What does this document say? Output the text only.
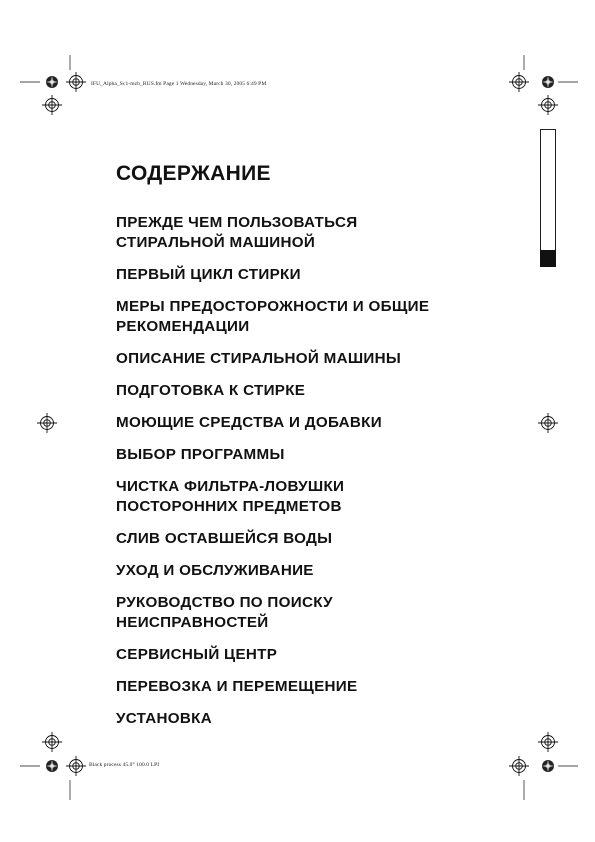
IFU_Alpha_Sc1-mzb_RUS.fm Page 1 Wednesday, March 30, 2005 6:49 PM
Black process 45.0° 100.0 LPI
СОДЕРЖАНИЕ
ПРЕЖДЕ ЧЕМ ПОЛЬЗОВАТЬСЯ
СТИРАЛЬНОЙ МАШИНОЙ
ПЕРВЫЙ ЦИКЛ СТИРКИ
МЕРЫ ПРЕДОСТОРОЖНОСТИ И ОБЩИЕ
РЕКОМЕНДАЦИИ
ОПИСАНИЕ СТИРАЛЬНОЙ МАШИНЫ
ПОДГОТОВКА К СТИРКЕ
МОЮЩИЕ СРЕДСТВА И ДОБАВКИ
ВЫБОР ПРОГРАММЫ
ЧИСТКА ФИЛЬТРА-ЛОВУШКИ
ПОСТОРОННИХ ПРЕДМЕТОВ
СЛИВ ОСТАВШЕЙСЯ ВОДЫ
УХОД И ОБСЛУЖИВАНИЕ
РУКОВОДСТВО ПО ПОИСКУ
НЕИСПРАВНОСТЕЙ
СЕРВИСНЫЙ ЦЕНТР
ПЕРЕВОЗКА И ПЕРЕМЕЩЕНИЕ
УСТАНОВКА
